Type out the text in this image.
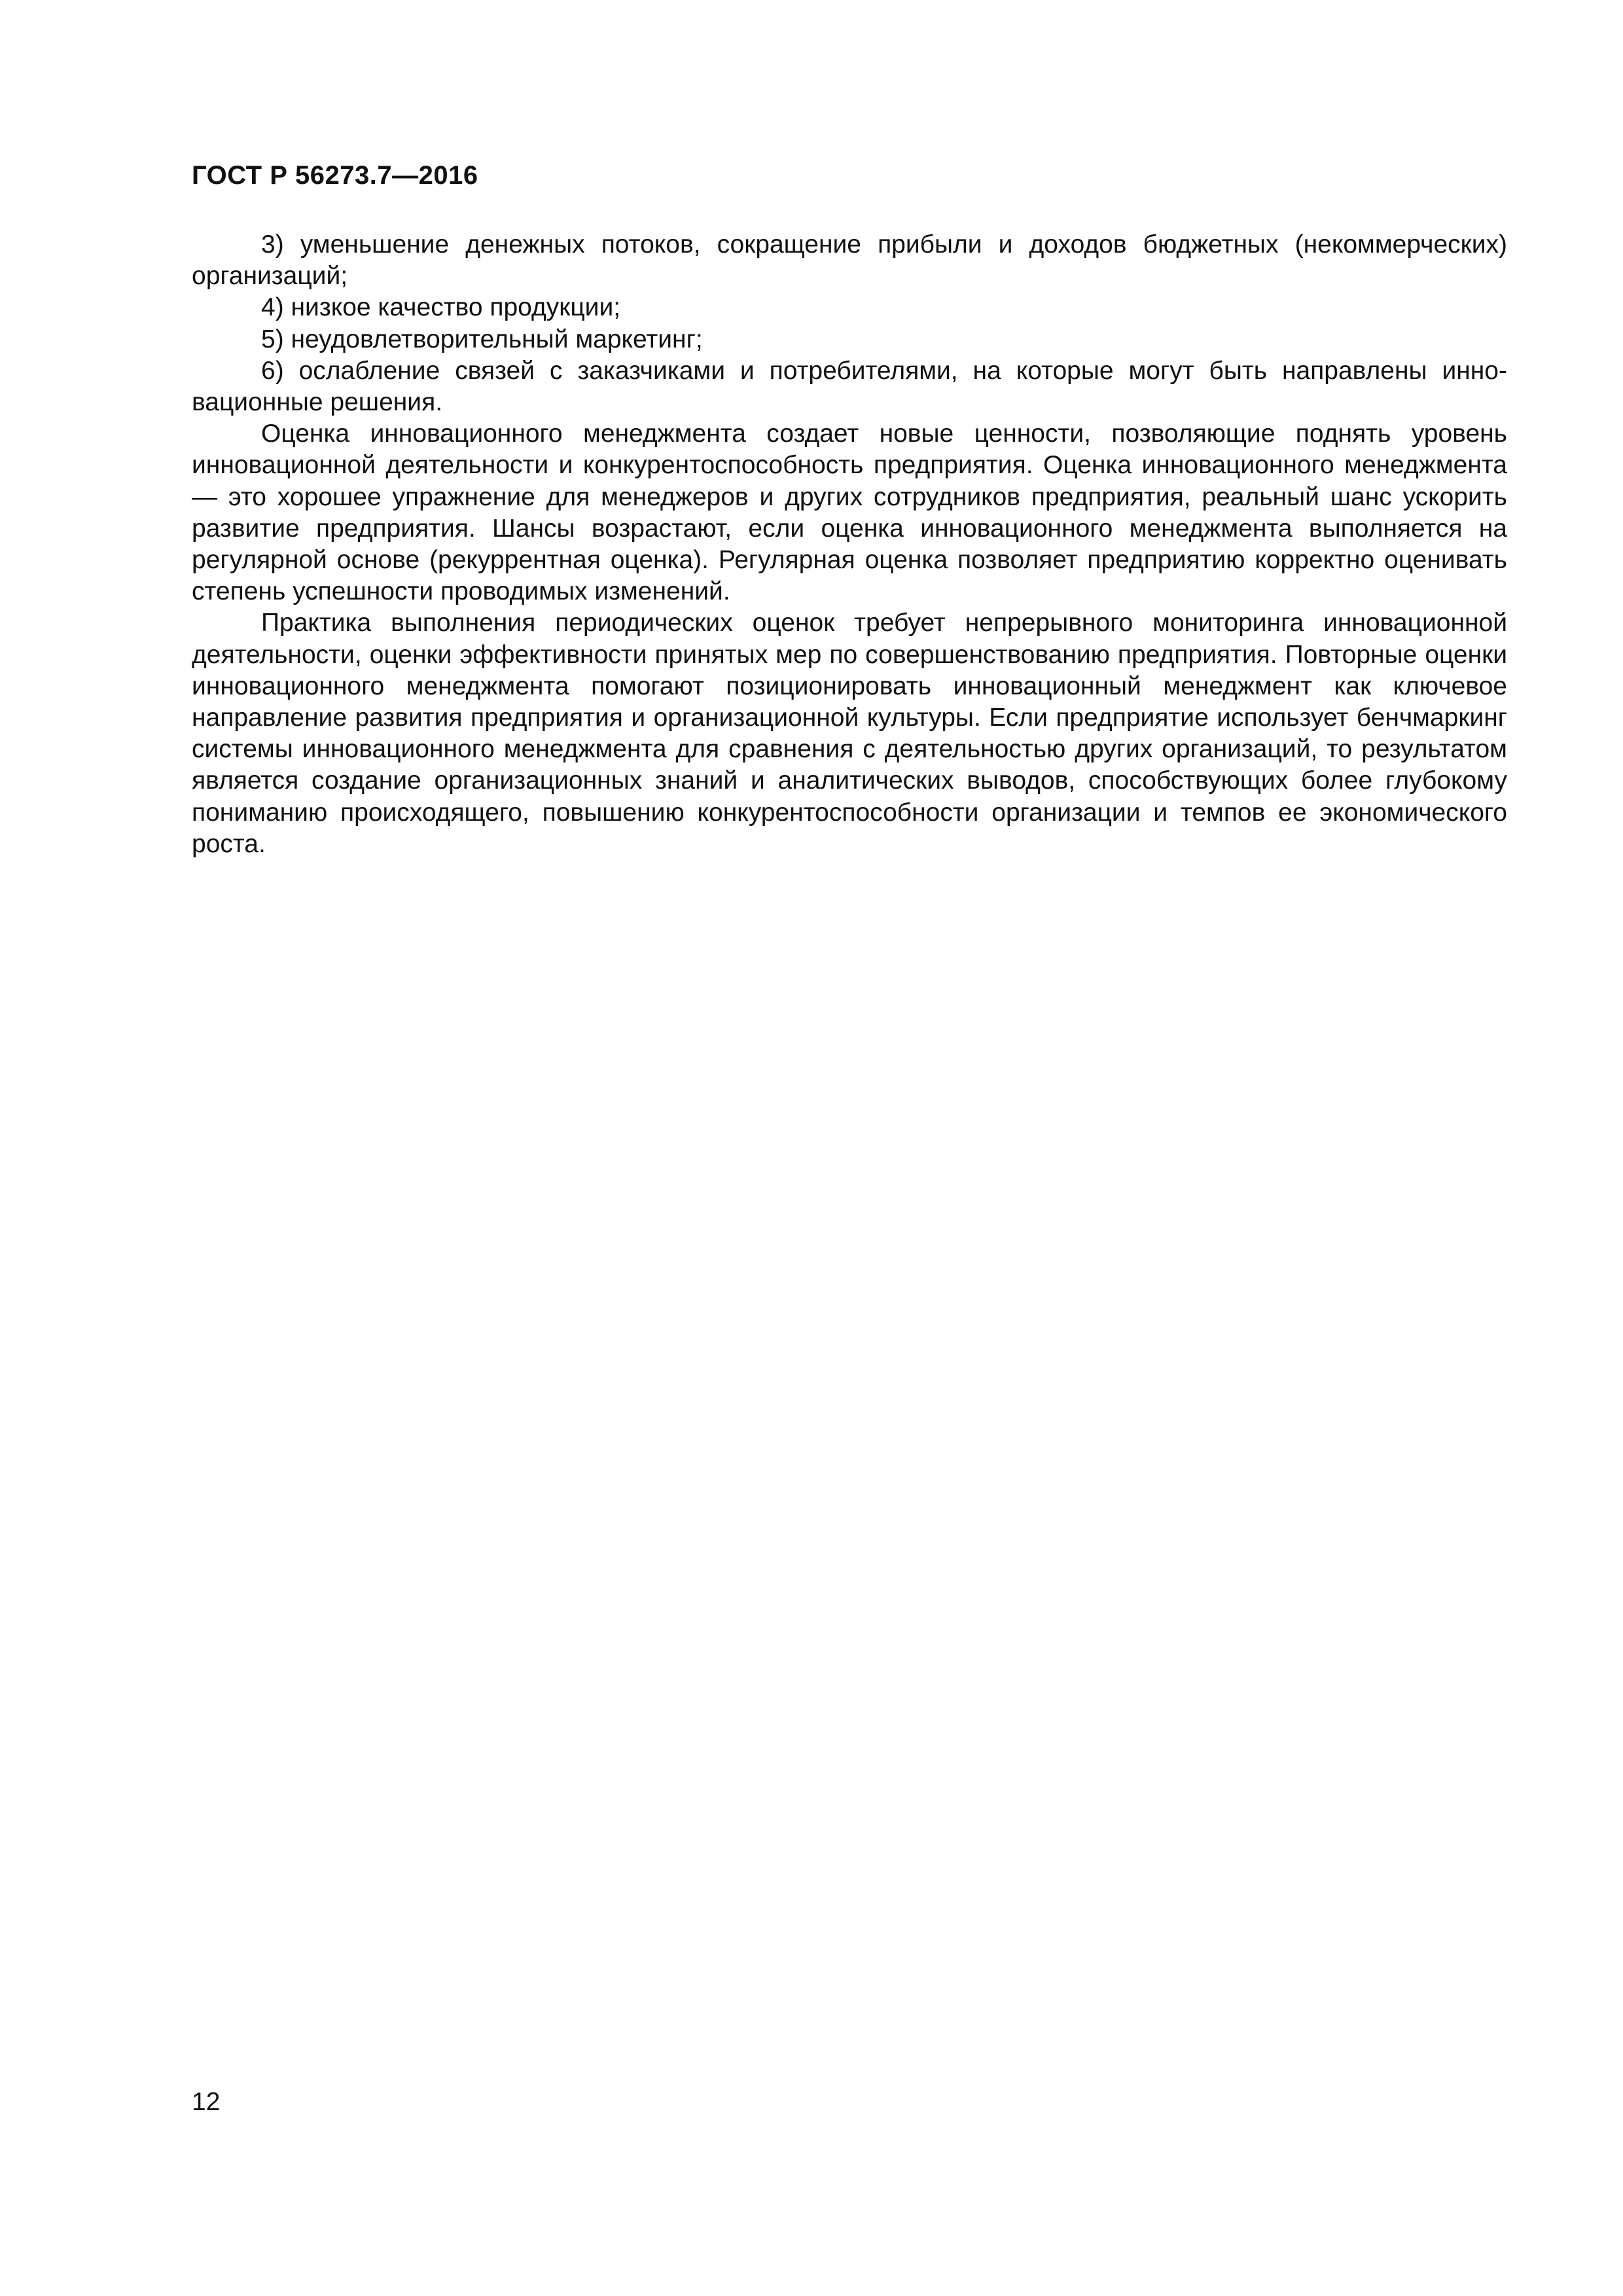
ГОСТ Р 56273.7—2016

3) уменьшение денежных потоков, сокращение прибыли и доходов бюджетных (некоммерческих) организаций;

4) низкое качество продукции;

5) неудовлетворительный маркетинг;

6) ослабление связей с заказчиками и потребителями, на которые могут быть направлены инновационные решения.

Оценка инновационного менеджмента создает новые ценности, позволяющие поднять уровень инновационной деятельности и конкурентоспособность предприятия. Оценка инновационного менеджмента — это хорошее упражнение для менеджеров и других сотрудников предприятия, реальный шанс ускорить развитие предприятия. Шансы возрастают, если оценка инновационного менеджмента выполняется на регулярной основе (рекуррентная оценка). Регулярная оценка позволяет предприятию корректно оценивать степень успешности проводимых изменений.

Практика выполнения периодических оценок требует непрерывного мониторинга инновационной деятельности, оценки эффективности принятых мер по совершенствованию предприятия. Повторные оценки инновационного менеджмента помогают позиционировать инновационный менеджмент как ключевое направление развития предприятия и организационной культуры. Если предприятие использует бенчмаркинг системы инновационного менеджмента для сравнения с деятельностью других организаций, то результатом является создание организационных знаний и аналитических выводов, способствующих более глубокому пониманию происходящего, повышению конкурентоспособности организации и темпов ее экономического роста.

12
